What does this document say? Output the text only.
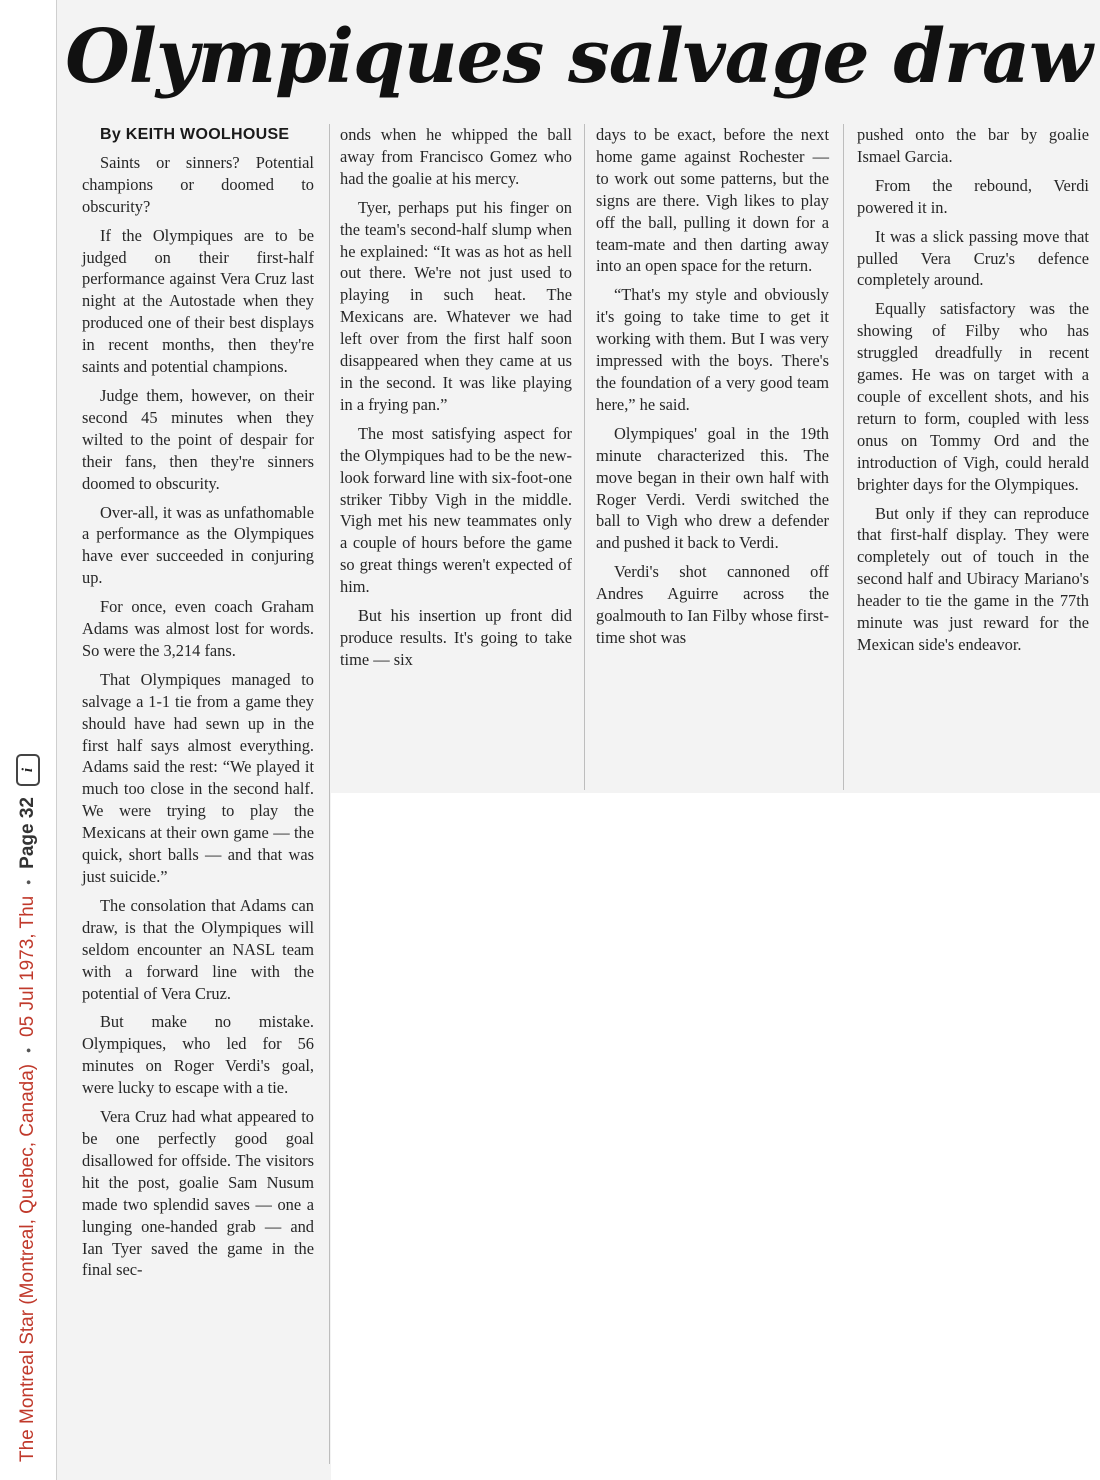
The Montreal Star (Montreal, Quebec, Canada)
•
05 Jul 1973, Thu
•
Page 32
i
Olympiques salvage draw
By KEITH WOOLHOUSE

Saints or sinners? Potential champions or doomed to obscurity?

If the Olympiques are to be judged on their first-half performance against Vera Cruz last night at the Autostade when they produced one of their best displays in recent months, then they're saints and potential champions.

Judge them, however, on their second 45 minutes when they wilted to the point of despair for their fans, then they're sinners doomed to obscurity.

Over-all, it was as unfathomable a performance as the Olympiques have ever succeeded in conjuring up.

For once, even coach Graham Adams was almost lost for words. So were the 3,214 fans.

That Olympiques managed to salvage a 1-1 tie from a game they should have had sewn up in the first half says almost everything. Adams said the rest: “We played it much too close in the second half. We were trying to play the Mexicans at their own game — the quick, short balls — and that was just suicide.”

The consolation that Adams can draw, is that the Olympiques will seldom encounter an NASL team with a forward line with the potential of Vera Cruz.

But make no mistake. Olympiques, who led for 56 minutes on Roger Verdi's goal, were lucky to escape with a tie.

Vera Cruz had what appeared to be one perfectly good goal disallowed for offside. The visitors hit the post, goalie Sam Nusum made two splendid saves — one a lunging one-handed grab — and Ian Tyer saved the game in the final sec-

onds when he whipped the ball away from Francisco Gomez who had the goalie at his mercy.

Tyer, perhaps put his finger on the team's second-half slump when he explained: “It was as hot as hell out there. We're not just used to playing in such heat. The Mexicans are. Whatever we had left over from the first half soon disappeared when they came at us in the second. It was like playing in a frying pan.”

The most satisfying aspect for the Olympiques had to be the new-look forward line with six-foot-one striker Tibby Vigh in the middle. Vigh met his new teammates only a couple of hours before the game so great things weren't expected of him.

But his insertion up front did produce results. It's going to take time — six

days to be exact, before the next home game against Rochester — to work out some patterns, but the signs are there. Vigh likes to play off the ball, pulling it down for a team-mate and then darting away into an open space for the return.

“That's my style and obviously it's going to take time to get it working with them. But I was very impressed with the boys. There's the foundation of a very good team here,” he said.

Olympiques' goal in the 19th minute characterized this. The move began in their own half with Roger Verdi. Verdi switched the ball to Vigh who drew a defender and pushed it back to Verdi.

Verdi's shot cannoned off Andres Aguirre across the goalmouth to Ian Filby whose first-time shot was

pushed onto the bar by goalie Ismael Garcia.

From the rebound, Verdi powered it in.

It was a slick passing move that pulled Vera Cruz's defence completely around.

Equally satisfactory was the showing of Filby who has struggled dreadfully in recent games. He was on target with a couple of excellent shots, and his return to form, coupled with less onus on Tommy Ord and the introduction of Vigh, could herald brighter days for the Olympiques.

But only if they can reproduce that first-half display. They were completely out of touch in the second half and Ubiracy Mariano's header to tie the game in the 77th minute was just reward for the Mexican side's endeavor.
